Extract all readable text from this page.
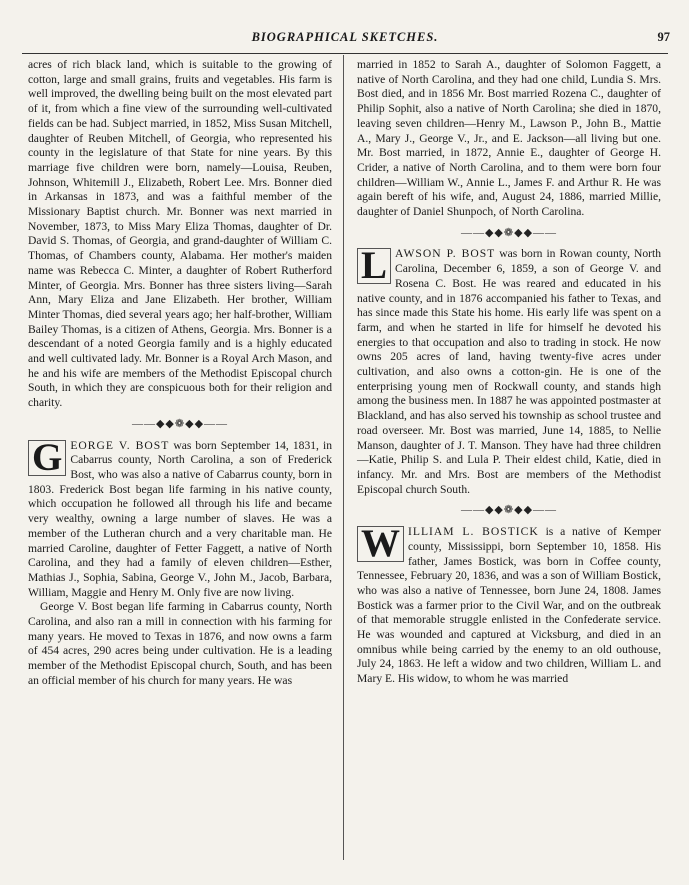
BIOGRAPHICAL SKETCHES.	97

acres of rich black land, which is suitable to the growing of cotton, large and small grains, fruits and vegetables. His farm is well improved, the dwelling being built on the most elevated part of it, from which a fine view of the surrounding well-cultivated fields can be had. Subject married, in 1852, Miss Susan Mitchell, daughter of Reuben Mitchell, of Georgia, who represented his county in the legislature of that State for nine years. By this marriage five children were born, namely—Louisa, Reuben, Johnson, Whitemill J., Elizabeth, Robert Lee. Mrs. Bonner died in Arkansas in 1873, and was a faithful member of the Missionary Baptist church. Mr. Bonner was next married in November, 1873, to Miss Mary Eliza Thomas, daughter of Dr. David S. Thomas, of Georgia, and grand-daughter of William C. Thomas, of Chambers county, Alabama. Her mother's maiden name was Rebecca C. Minter, a daughter of Robert Rutherford Minter, of Georgia. Mrs. Bonner has three sisters living—Sarah Ann, Mary Eliza and Jane Elizabeth. Her brother, William Minter Thomas, died several years ago; her half-brother, William Bailey Thomas, is a citizen of Athens, Georgia. Mrs. Bonner is a descendant of a noted Georgia family and is a highly educated and well cultivated lady. Mr. Bonner is a Royal Arch Mason, and he and his wife are members of the Methodist Episcopal church South, in which they are conspicuous both for their religion and charity.

——◆◆❁◆◆——

G EORGE V. BOST was born September 14, 1831, in Cabarrus county, North Carolina, a son of Frederick Bost, who was also a native of Cabarrus county, born in 1803. Frederick Bost began life farming in his native county, which occupation he followed all through his life and became very wealthy, owning a large number of slaves. He was a member of the Lutheran church and a very charitable man. He married Caroline, daughter of Fetter Faggett, a native of North Carolina, and they had a family of eleven children—Esther, Mathias J., Sophia, Sabina, George V., John M., Jacob, Barbara, William, Maggie and Henry M. Only five are now living.

George V. Bost began life farming in Cabarrus county, North Carolina, and also ran a mill in connection with his farming for many years. He moved to Texas in 1876, and now owns a farm of 454 acres, 290 acres being under cultivation. He is a leading member of the Methodist Episcopal church, South, and has been an official member of his church for many years. He was

married in 1852 to Sarah A., daughter of Solomon Faggett, a native of North Carolina, and they had one child, Lundia S. Mrs. Bost died, and in 1856 Mr. Bost married Rozena C., daughter of Philip Sophit, also a native of North Carolina; she died in 1870, leaving seven children—Henry M., Lawson P., John B., Mattie A., Mary J., George V., Jr., and E. Jackson—all living but one. Mr. Bost married, in 1872, Annie E., daughter of George H. Crider, a native of North Carolina, and to them were born four children—William W., Annie L., James F. and Arthur R. He was again bereft of his wife, and, August 24, 1886, married Millie, daughter of Daniel Shunpoch, of North Carolina.

——◆◆❁◆◆——

L AWSON P. BOST was born in Rowan county, North Carolina, December 6, 1859, a son of George V. and Rosena C. Bost. He was reared and educated in his native county, and in 1876 accompanied his father to Texas, and has since made this State his home. His early life was spent on a farm, and when he started in life for himself he devoted his energies to that occupation and also to trading in stock. He now owns 205 acres of land, having twenty-five acres under cultivation, and also owns a cotton-gin. He is one of the enterprising young men of Rockwall county, and stands high among the business men. In 1887 he was appointed postmaster at Blackland, and has also served his township as school trustee and road overseer. Mr. Bost was married, June 14, 1885, to Nellie Manson, daughter of J. T. Manson. They have had three children—Katie, Philip S. and Lula P. Their eldest child, Katie, died in infancy. Mr. and Mrs. Bost are members of the Methodist Episcopal church South.

——◆◆❁◆◆——

W ILLIAM L. BOSTICK is a native of Kemper county, Mississippi, born September 10, 1858. His father, James Bostick, was born in Coffee county, Tennessee, February 20, 1836, and was a son of William Bostick, who was also a native of Tennessee, born June 24, 1808. James Bostick was a farmer prior to the Civil War, and on the outbreak of that memorable struggle enlisted in the Confederate service. He was wounded and captured at Vicksburg, and died in an omnibus while being carried by the enemy to an old outhouse, July 24, 1863. He left a widow and two children, William L. and Mary E. His widow, to whom he was married
